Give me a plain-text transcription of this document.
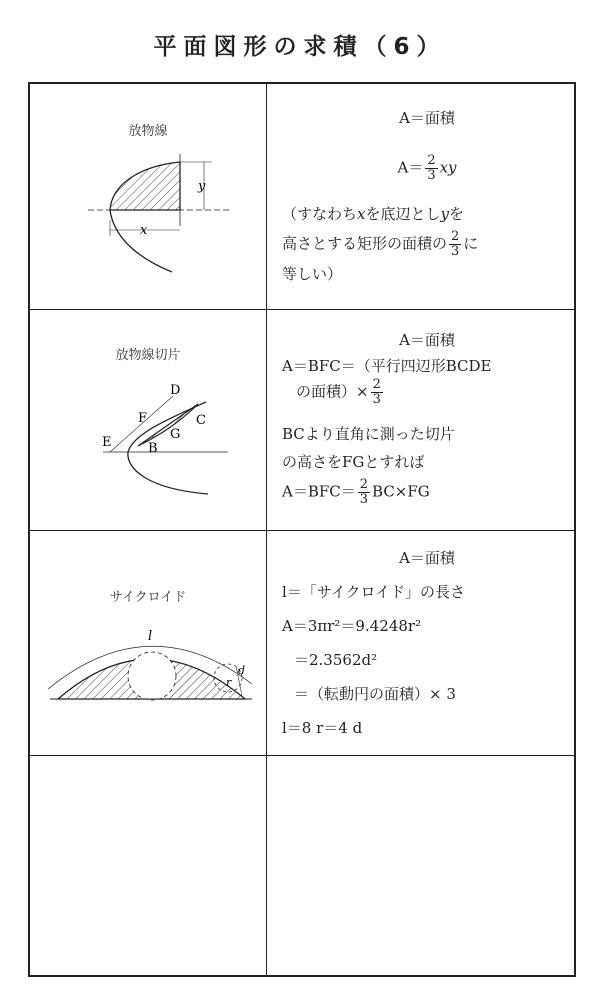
平面図形の求積（6）
放物線
y
x
A＝面積
$A= \frac{2}{3}$ xy
（すなわちxを底辺としyを
高さとする矩形の面積の $\frac{2}{3}$ に
等しい）
放物線切片
D
F	C
G
E	B
A＝面積
A＝BFC＝（平行四辺形BCDE
の面積）× $\frac{2}{3}$
BCより直角に測った切片
の高さをFGとすれば
$A=BFC= \frac{2}{3} BC\times FG$
サイクロイド
l
r
d
A＝面積
l＝「サイクロイド」の長さ
A＝3πr²＝9.4248r²
＝2.3562d²
＝（転動円の面積）× 3
l＝8 r＝4 d
